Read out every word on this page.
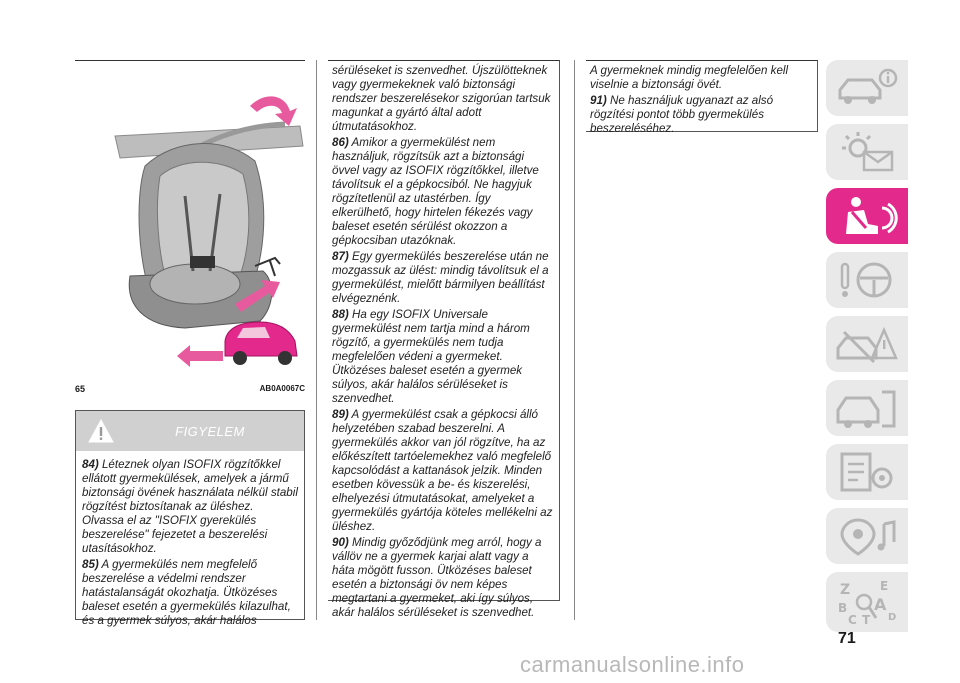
65	AB0A0067C
FIGYELEM

84) Léteznek olyan ISOFIX rögzítőkkel ellátott gyermekülések, amelyek a jármű biztonsági övének használata nélkül stabil rögzítést biztosítanak az üléshez. Olvassa el az "ISOFIX gyerekülés beszerelése" fejezetet a beszerelési utasításokhoz.

85) A gyermekülés nem megfelelő beszerelése a védelmi rendszer hatástalanságát okozhatja. Ütközéses baleset esetén a gyermekülés kilazulhat, és a gyermek súlyos, akár halálos

sérüléseket is szenvedhet. Újszülötteknek vagy gyermekeknek való biztonsági rendszer beszerelésekor szigorúan tartsuk magunkat a gyártó által adott útmutatásokhoz.

86) Amikor a gyermekülést nem használjuk, rögzítsük azt a biztonsági övvel vagy az ISOFIX rögzítőkkel, illetve távolítsuk el a gépkocsiból. Ne hagyjuk rögzítetlenül az utastérben. Így elkerülhető, hogy hirtelen fékezés vagy baleset esetén sérülést okozzon a gépkocsiban utazóknak.

87) Egy gyermekülés beszerelése után ne mozgassuk az ülést: mindig távolítsuk el a gyermekülést, mielőtt bármilyen beállítást elvégeznénk.

88) Ha egy ISOFIX Universale gyermekülést nem tartja mind a három rögzítő, a gyermekülés nem tudja megfelelően védeni a gyermeket. Ütközéses baleset esetén a gyermek súlyos, akár halálos sérüléseket is szenvedhet.

89) A gyermekülést csak a gépkocsi álló helyzetében szabad beszerelni. A gyermekülés akkor van jól rögzítve, ha az előkészített tartóelemekhez való megfelelő kapcsolódást a kattanások jelzik. Minden esetben kövessük a be- és kiszerelési, elhelyezési útmutatásokat, amelyeket a gyermekülés gyártója köteles mellékelni az üléshez.

90) Mindig győződjünk meg arról, hogy a vállöv ne a gyermek karjai alatt vagy a háta mögött fusson. Ütközéses baleset esetén a biztonsági öv nem képes megtartani a gyermeket, aki így súlyos, akár halálos sérüléseket is szenvedhet.

A gyermeknek mindig megfelelően kell viselnie a biztonsági övét.

91) Ne használjuk ugyanazt az alsó rögzítési pontot több gyermekülés beszereléséhez.

Z E
B A
C T D
71
carmanualsonline.info
